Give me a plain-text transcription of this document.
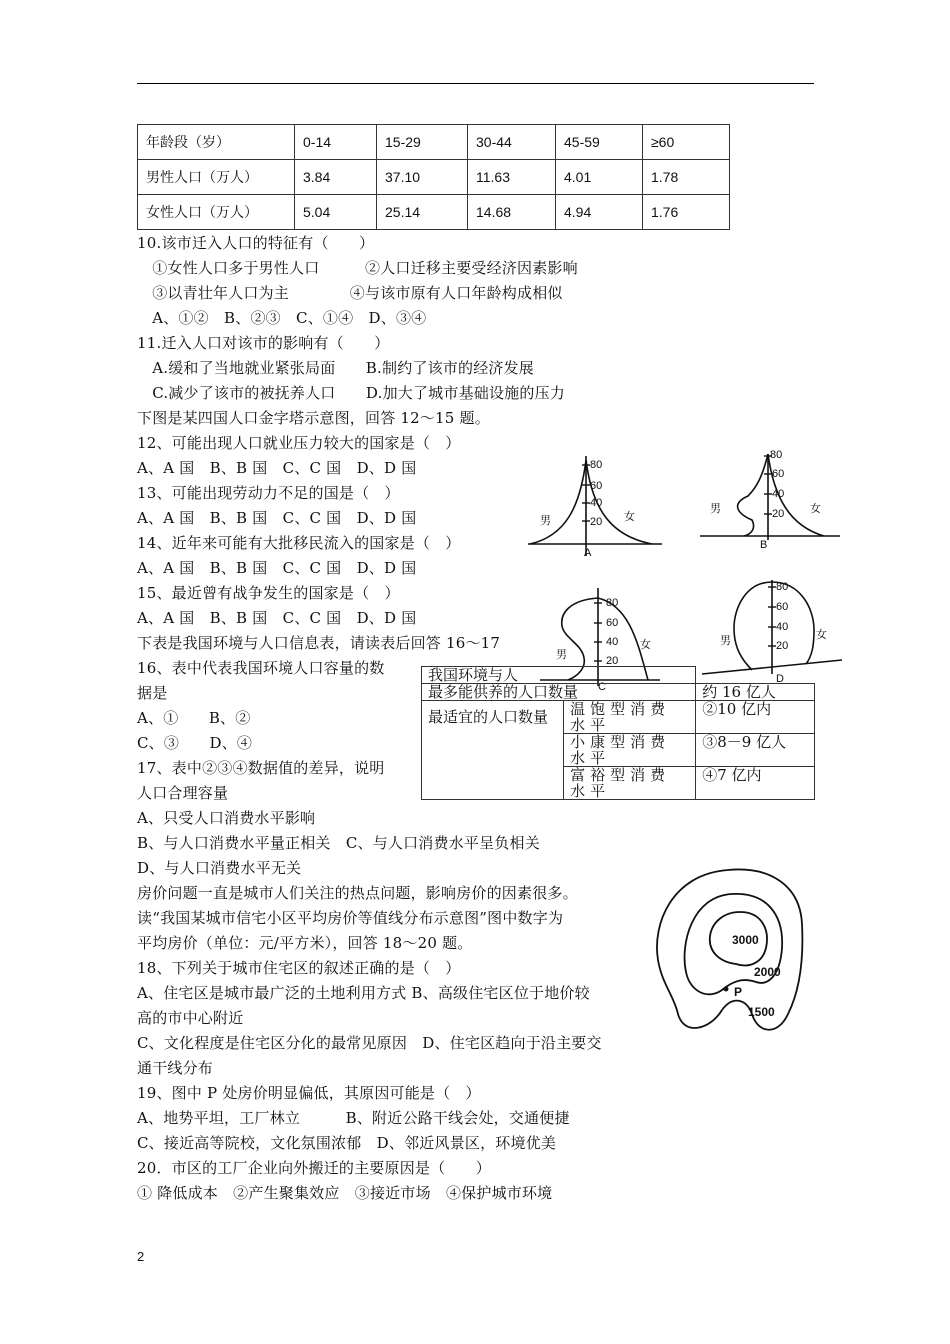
年龄段（岁）	0-14	15-29	30-44	45-59	≥60
男性人口（万人）	3.84	37.10	11.63	4.01	1.78
女性人口（万人）	5.04	25.14	14.68	4.94	1.76
10.该市迁入人口的特征有（　　）
　①女性人口多于男性人口　　　②人口迁移主要受经济因素影响
　③以青壮年人口为主　　　　④与该市原有人口年龄构成相似
　A、①②　B、②③　C、①④　D、③④
11.迁入人口对该市的影响有（　　）
　A.缓和了当地就业紧张局面　　B.制约了该市的经济发展
　C.减少了该市的被抚养人口　　D.加大了城市基础设施的压力
下图是某四国人口金字塔示意图，回答 12～15 题。
12、可能出现人口就业压力较大的国家是（　）
A、A 国　B、B 国　C、C 国　D、D 国
13、可能出现劳动力不足的国是（　）
A、A 国　B、B 国　C、C 国　D、D 国
14、近年来可能有大批移民流入的国家是（　）
A、A 国　B、B 国　C、C 国　D、D 国
15、最近曾有战争发生的国家是（　）
A、A 国　B、B 国　C、C 国　D、D 国
下表是我国环境与人口信息表，请读表后回答 16～17
16、表中代表我国环境人口容量的数
据是
A、①　　B、②
C、③　　D、④
17、表中②③④数据值的差异，说明
人口合理容量
A、只受人口消费水平影响
B、与人口消费水平量正相关　C、与人口消费水平呈负相关
D、与人口消费水平无关
房价问题一直是城市人们关注的热点问题，影响房价的因素很多。
读“我国某城市信宅小区平均房价等值线分布示意图”图中数字为
平均房价（单位：元/平方米），回答 18～20 题。
18、下列关于城市住宅区的叙述正确的是（　）
A、住宅区是城市最广泛的土地利用方式 B、高级住宅区位于地价较
高的市中心附近
C、文化程度是住宅区分化的最常见原因　D、住宅区趋向于沿主要交
通干线分布
19、图中 P 处房价明显偏低，其原因可能是（　）
A、地势平坦，工厂林立　　　B、附近公路干线会处，交通便捷
C、接近高等院校，文化氛围浓郁　D、邻近风景区，环境优美
20．市区的工厂企业向外搬迁的主要原因是（　　）
① 降低成本　②产生聚集效应　③接近市场　④保护城市环境
80
60
40
20
男	女
A
80
60
40
20
男	女
B
80
60
40
20
男
女
C
80
60
40
20
男	女
D
我国环境与人		
最多能供养的人口数量		约 16 亿人
最适宜的人口数量	温饱型消费水平	②10 亿内
	小康型消费水平	③8－9 亿人
	富裕型消费水平	④7 亿内
3000
2000
1500
P
2
